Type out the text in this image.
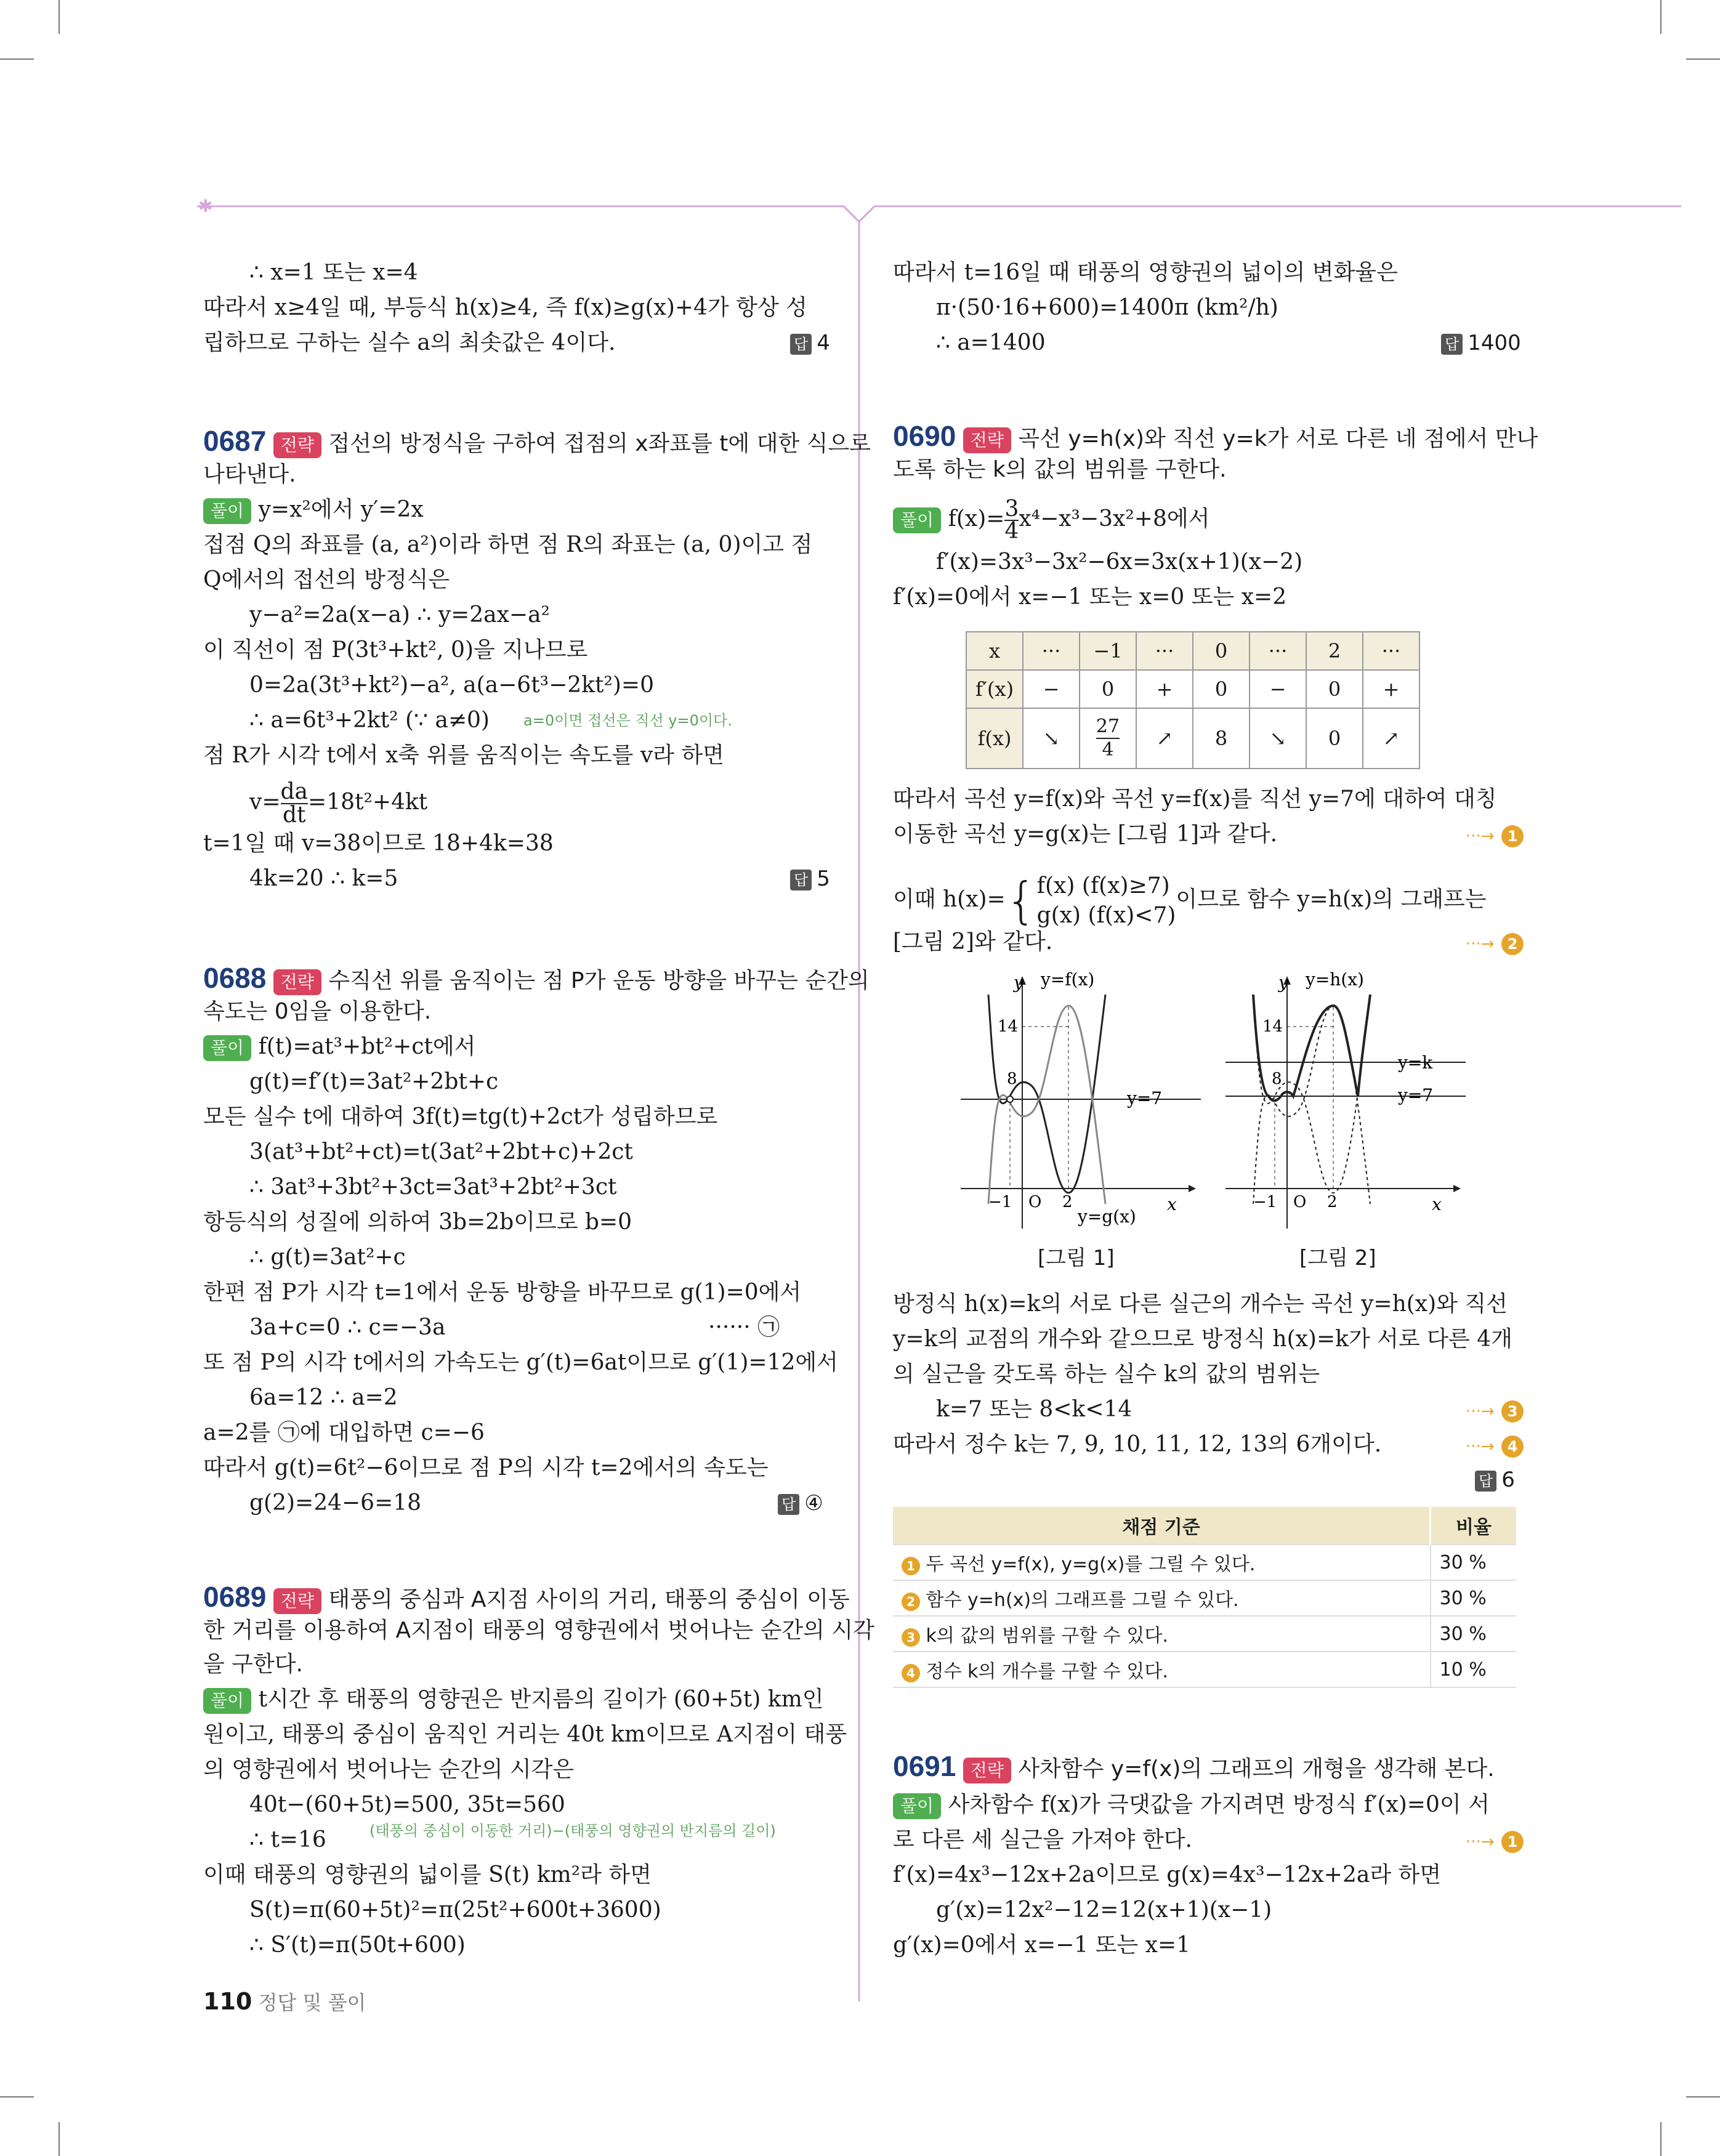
✱
∴ x=1 또는 x=4
따라서 x≥4일 때, 부등식 h(x)≥4, 즉 f(x)≥g(x)+4가 항상 성
립하므로 구하는 실수 a의 최솟값은 4이다.	답 4
0687 전략 접선의 방정식을 구하여 접점의 x좌표를 t에 대한 식으로
나타낸다.
풀이 y=x²에서 y′=2x
접점 Q의 좌표를 (a, a²)이라 하면 점 R의 좌표는 (a, 0)이고 점
Q에서의 접선의 방정식은
y−a²=2a(x−a) ∴ y=2ax−a²
이 직선이 점 P(3t³+kt², 0)을 지나므로
0=2a(3t³+kt²)−a², a(a−6t³−2kt²)=0
∴ a=6t³+2kt² (∵ a≠0) a=0이면 접선은 직선 y=0이다.
점 R가 시각 t에서 x축 위를 움직이는 속도를 v라 하면
$v= \frac{da}{dt} =18t^2+4kt$
t=1일 때 v=38이므로 18+4k=38
4k=20 ∴ k=5	답 5
0688 전략 수직선 위를 움직이는 점 P가 운동 방향을 바꾸는 순간의
속도는 0임을 이용한다.
풀이 f(t)=at³+bt²+ct에서
g(t)=f′(t)=3at²+2bt+c
모든 실수 t에 대하여 3f(t)=tg(t)+2ct가 성립하므로
3(at³+bt²+ct)=t(3at²+2bt+c)+2ct
∴ 3at³+3bt²+3ct=3at³+2bt²+3ct
항등식의 성질에 의하여 3b=2b이므로 b=0
∴ g(t)=3at²+c
한편 점 P가 시각 t=1에서 운동 방향을 바꾸므로 g(1)=0에서
3a+c=0 ∴ c=−3a	······ ㉠
또 점 P의 시각 t에서의 가속도는 g′(t)=6at이므로 g′(1)=12에서
6a=12 ∴ a=2
a=2를 ㉠에 대입하면 c=−6
따라서 g(t)=6t²−6이므로 점 P의 시각 t=2에서의 속도는
g(2)=24−6=18	답 ④
0689 전략 태풍의 중심과 A지점 사이의 거리, 태풍의 중심이 이동
한 거리를 이용하여 A지점이 태풍의 영향권에서 벗어나는 순간의 시각
을 구한다.
풀이 t시간 후 태풍의 영향권은 반지름의 길이가 (60+5t) km인
원이고, 태풍의 중심이 움직인 거리는 40t km이므로 A지점이 태풍
의 영향권에서 벗어나는 순간의 시각은
40t−(60+5t)=500, 35t=560
∴ t=16	(태풍의 중심이 이동한 거리)−(태풍의 영향권의 반지름의 길이)
이때 태풍의 영향권의 넓이를 S(t) km²라 하면
S(t)=π(60+5t)²=π(25t²+600t+3600)
∴ S′(t)=π(50t+600)
110 정답 및 풀이
따라서 t=16일 때 태풍의 영향권의 넓이의 변화율은
π·(50·16+600)=1400π (km²/h)
∴ a=1400	답 1400
0690 전략 곡선 y=h(x)와 직선 y=k가 서로 다른 네 점에서 만나
도록 하는 k의 값의 범위를 구한다.
풀이 $f(x)= \frac{3}{4} x^4-x^3-3x^2+8$에서
f′(x)=3x³−3x²−6x=3x(x+1)(x−2)
f′(x)=0에서 x=−1 또는 x=0 또는 x=2
x	···	−1	···	0	···	2	···
f′(x)	−	0	+	0	−	0	+
f(x)	↘	$\frac{27}{4}$	↗	8	↘	0	↗
따라서 곡선 y=f(x)와 곡선 y=f(x)를 직선 y=7에 대하여 대칭
이동한 곡선 y=g(x)는 [그림 1]과 같다.	···→ 1
이때 h(x)={ f(x) (f(x)≥7)
g(x) (f(x)<7)
이므로 함수 y=h(x)의 그래프는
[그림 2]와 같다.	···→ 2
y=f(x)
y
x
y=7
y=g(x)
14
8
−1 O 2
[그림 1]
y=h(x)
y
x
y=k
y=7
14
8
−1 O 2
[그림 2]
방정식 h(x)=k의 서로 다른 실근의 개수는 곡선 y=h(x)와 직선
y=k의 교점의 개수와 같으므로 방정식 h(x)=k가 서로 다른 4개
의 실근을 갖도록 하는 실수 k의 값의 범위는
k=7 또는 8<k<14	···→ 3
따라서 정수 k는 7, 9, 10, 11, 12, 13의 6개이다.	···→ 4
답 6
채점 기준	비율
1 두 곡선 y=f(x), y=g(x)를 그릴 수 있다.	30 %
2 함수 y=h(x)의 그래프를 그릴 수 있다.	30 %
3 k의 값의 범위를 구할 수 있다.	30 %
4 정수 k의 개수를 구할 수 있다.	10 %
0691 전략 사차함수 y=f(x)의 그래프의 개형을 생각해 본다.
풀이 사차함수 f(x)가 극댓값을 가지려면 방정식 f′(x)=0이 서
로 다른 세 실근을 가져야 한다.	···→ 1
f′(x)=4x³−12x+2a이므로 g(x)=4x³−12x+2a라 하면
g′(x)=12x²−12=12(x+1)(x−1)
g′(x)=0에서 x=−1 또는 x=1
